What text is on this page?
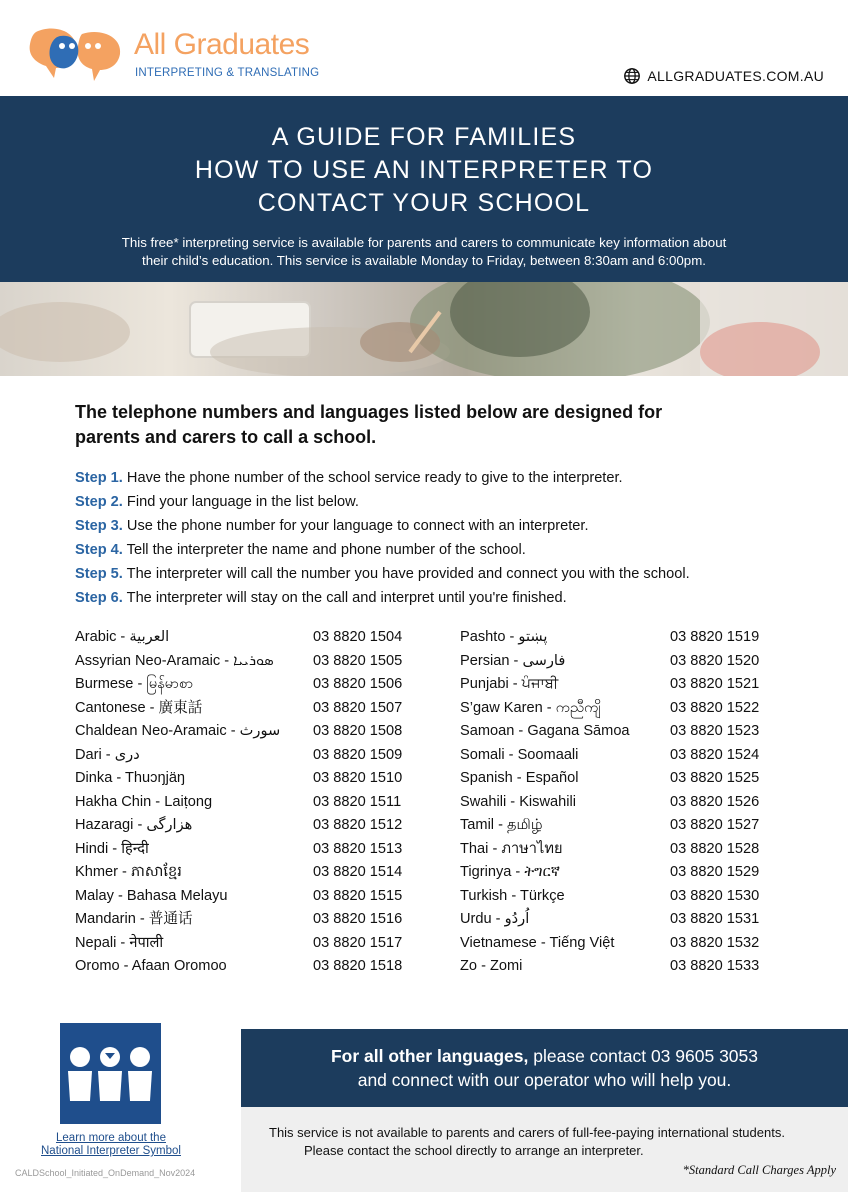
All Graduates
INTERPRETING & TRANSLATING	ALLGRADUATES.COM.AU
A GUIDE FOR FAMILIES
HOW TO USE AN INTERPRETER TO
CONTACT YOUR SCHOOL
This free* interpreting service is available for parents and carers to communicate key information about
their child’s education. This service is available Monday to Friday, between 8:30am and 6:00pm.
The telephone numbers and languages listed below are designed for
parents and carers to call a school.
Step 1. Have the phone number of the school service ready to give to the interpreter.
Step 2. Find your language in the list below.
Step 3. Use the phone number for your language to connect with an interpreter.
Step 4. Tell the interpreter the name and phone number of the school.
Step 5. The interpreter will call the number you have provided and connect you with the school.
Step 6. The interpreter will stay on the call and interpret until you're finished.
Arabic - العربية	03 8820 1504
Assyrian Neo-Aramaic - ܣܘܪܝܝܐ	03 8820 1505
Burmese - မြန်မာစာ	03 8820 1506
Cantonese - 廣東話	03 8820 1507
Chaldean Neo-Aramaic - سورث 03 8820 1508
Dari - دری	03 8820 1509
Dinka - Thuɔŋjäŋ	03 8820 1510
Hakha Chin - Laiṭong	03 8820 1511
Hazaragi - هزارگی	03 8820 1512
Hindi - हिन्दी	03 8820 1513
Khmer - ភាសាខ្មែរ	03 8820 1514
Malay - Bahasa Melayu	03 8820 1515
Mandarin - 普通话	03 8820 1516
Nepali - नेपाली	03 8820 1517
Oromo - Afaan Oromoo	03 8820 1518
Pashto - پښتو	03 8820 1519
Persian - فارسی	03 8820 1520
Punjabi - ਪੰਜਾਬੀ	03 8820 1521
S’gaw Karen - ကညီကျိ	03 8820 1522
Samoan - Gagana Sāmoa	03 8820 1523
Somali - Soomaali	03 8820 1524
Spanish - Español	03 8820 1525
Swahili - Kiswahili	03 8820 1526
Tamil - தமிழ்	03 8820 1527
Thai - ภาษาไทย	03 8820 1528
Tigrinya - ትግርኛ	03 8820 1529
Turkish - Türkçe	03 8820 1530
Urdu - اُردُو	03 8820 1531
Vietnamese - Tiếng Việt	03 8820 1532
Zo - Zomi	03 8820 1533
Learn more about the National Interpreter Symbol
CALDSchool_Initiated_OnDemand_Nov2024
For all other languages, please contact 03 9605 3053
and connect with our operator who will help you.
This service is not available to parents and carers of full-fee-paying international students.
Please contact the school directly to arrange an interpreter.
*Standard Call Charges Apply
